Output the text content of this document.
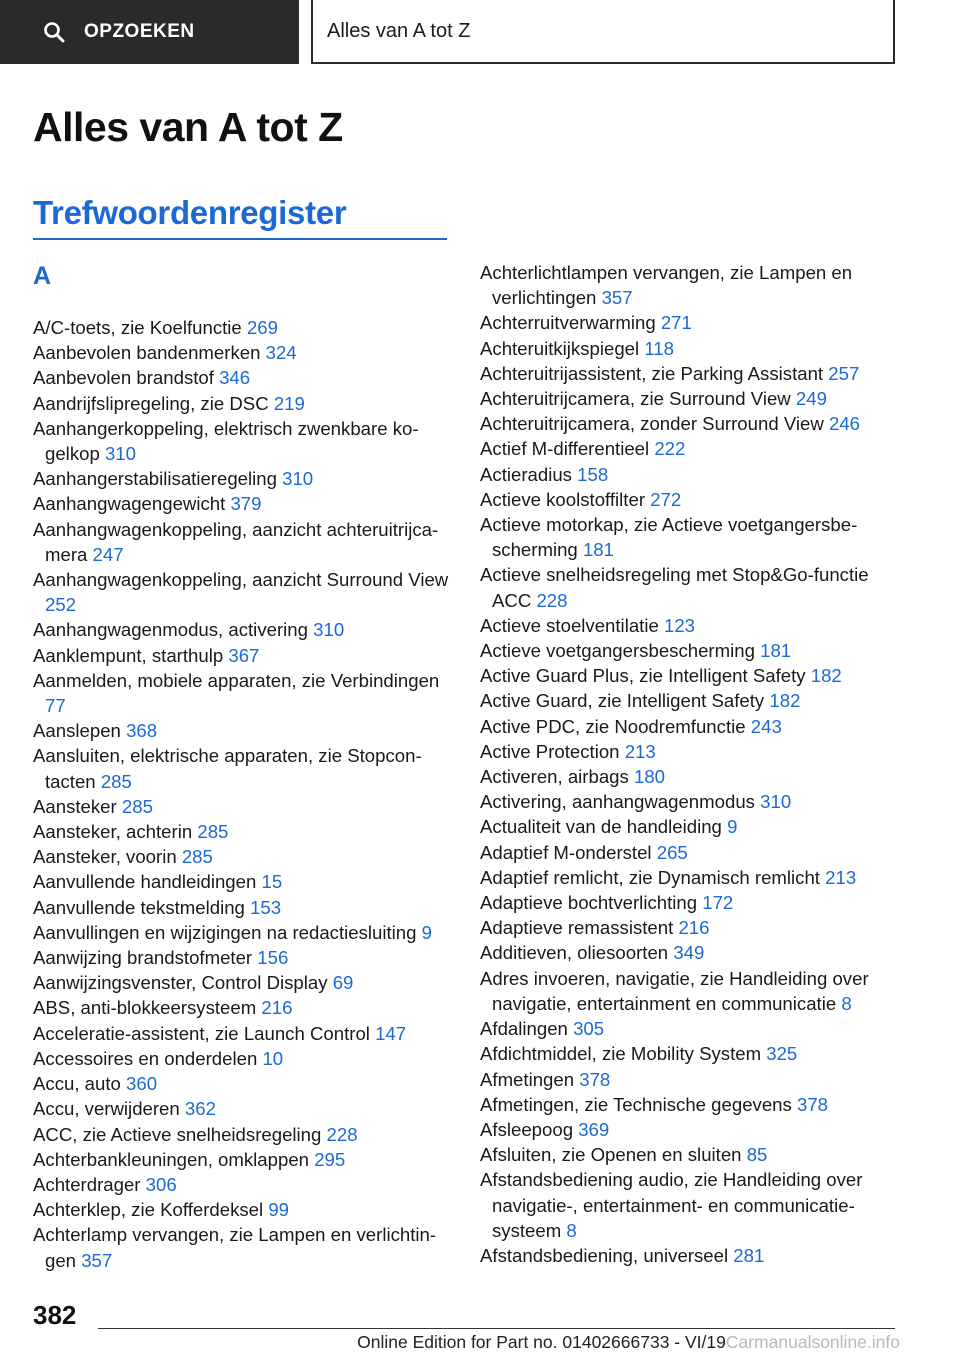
OPZOEKEN	Alles van A tot Z
Alles van A tot Z
Trefwoordenregister
A
A/C-toets, zie Koelfunctie 269
Aanbevolen bandenmerken 324
Aanbevolen brandstof 346
Aandrijfslipregeling, zie DSC 219
Aanhangerkoppeling, elektrisch zwenkbare kogelkop 310
Aanhangerstabilisatieregeling 310
Aanhangwagengewicht 379
Aanhangwagenkoppeling, aanzicht achteruitrijcamera 247
Aanhangwagenkoppeling, aanzicht Surround View 252
Aanhangwagenmodus, activering 310
Aanklempunt, starthulp 367
Aanmelden, mobiele apparaten, zie Verbindingen 77
Aanslepen 368
Aansluiten, elektrische apparaten, zie Stopcontacten 285
Aansteker 285
Aansteker, achterin 285
Aansteker, voorin 285
Aanvullende handleidingen 15
Aanvullende tekstmelding 153
Aanvullingen en wijzigingen na redactiesluiting 9
Aanwijzing brandstofmeter 156
Aanwijzingsvenster, Control Display 69
ABS, anti-blokkeersysteem 216
Acceleratie-assistent, zie Launch Control 147
Accessoires en onderdelen 10
Accu, auto 360
Accu, verwijderen 362
ACC, zie Actieve snelheidsregeling 228
Achterbankleuningen, omklappen 295
Achterdrager 306
Achterklep, zie Kofferdeksel 99
Achterlamp vervangen, zie Lampen en verlichtingen 357
Achterlichtlampen vervangen, zie Lampen en verlichtingen 357
Achterruitverwarming 271
Achteruitkijkspiegel 118
Achteruitrijassistent, zie Parking Assistant 257
Achteruitrijcamera, zie Surround View 249
Achteruitrijcamera, zonder Surround View 246
Actief M-differentieel 222
Actieradius 158
Actieve koolstoffilter 272
Actieve motorkap, zie Actieve voetgangersbescherming 181
Actieve snelheidsregeling met Stop&Go-functie ACC 228
Actieve stoelventilatie 123
Actieve voetgangersbescherming 181
Active Guard Plus, zie Intelligent Safety 182
Active Guard, zie Intelligent Safety 182
Active PDC, zie Noodremfunctie 243
Active Protection 213
Activeren, airbags 180
Activering, aanhangwagenmodus 310
Actualiteit van de handleiding 9
Adaptief M-onderstel 265
Adaptief remlicht, zie Dynamisch remlicht 213
Adaptieve bochtverlichting 172
Adaptieve remassistent 216
Additieven, oliesoorten 349
Adres invoeren, navigatie, zie Handleiding over navigatie, entertainment en communicatie 8
Afdalingen 305
Afdichtmiddel, zie Mobility System 325
Afmetingen 378
Afmetingen, zie Technische gegevens 378
Afsleepoog 369
Afsluiten, zie Openen en sluiten 85
Afstandsbediening audio, zie Handleiding over navigatie-, entertainment- en communicatiesysteem 8
Afstandsbediening, universeel 281
382
Online Edition for Part no. 01402666733 - VI/19Carmanualsonline.info
